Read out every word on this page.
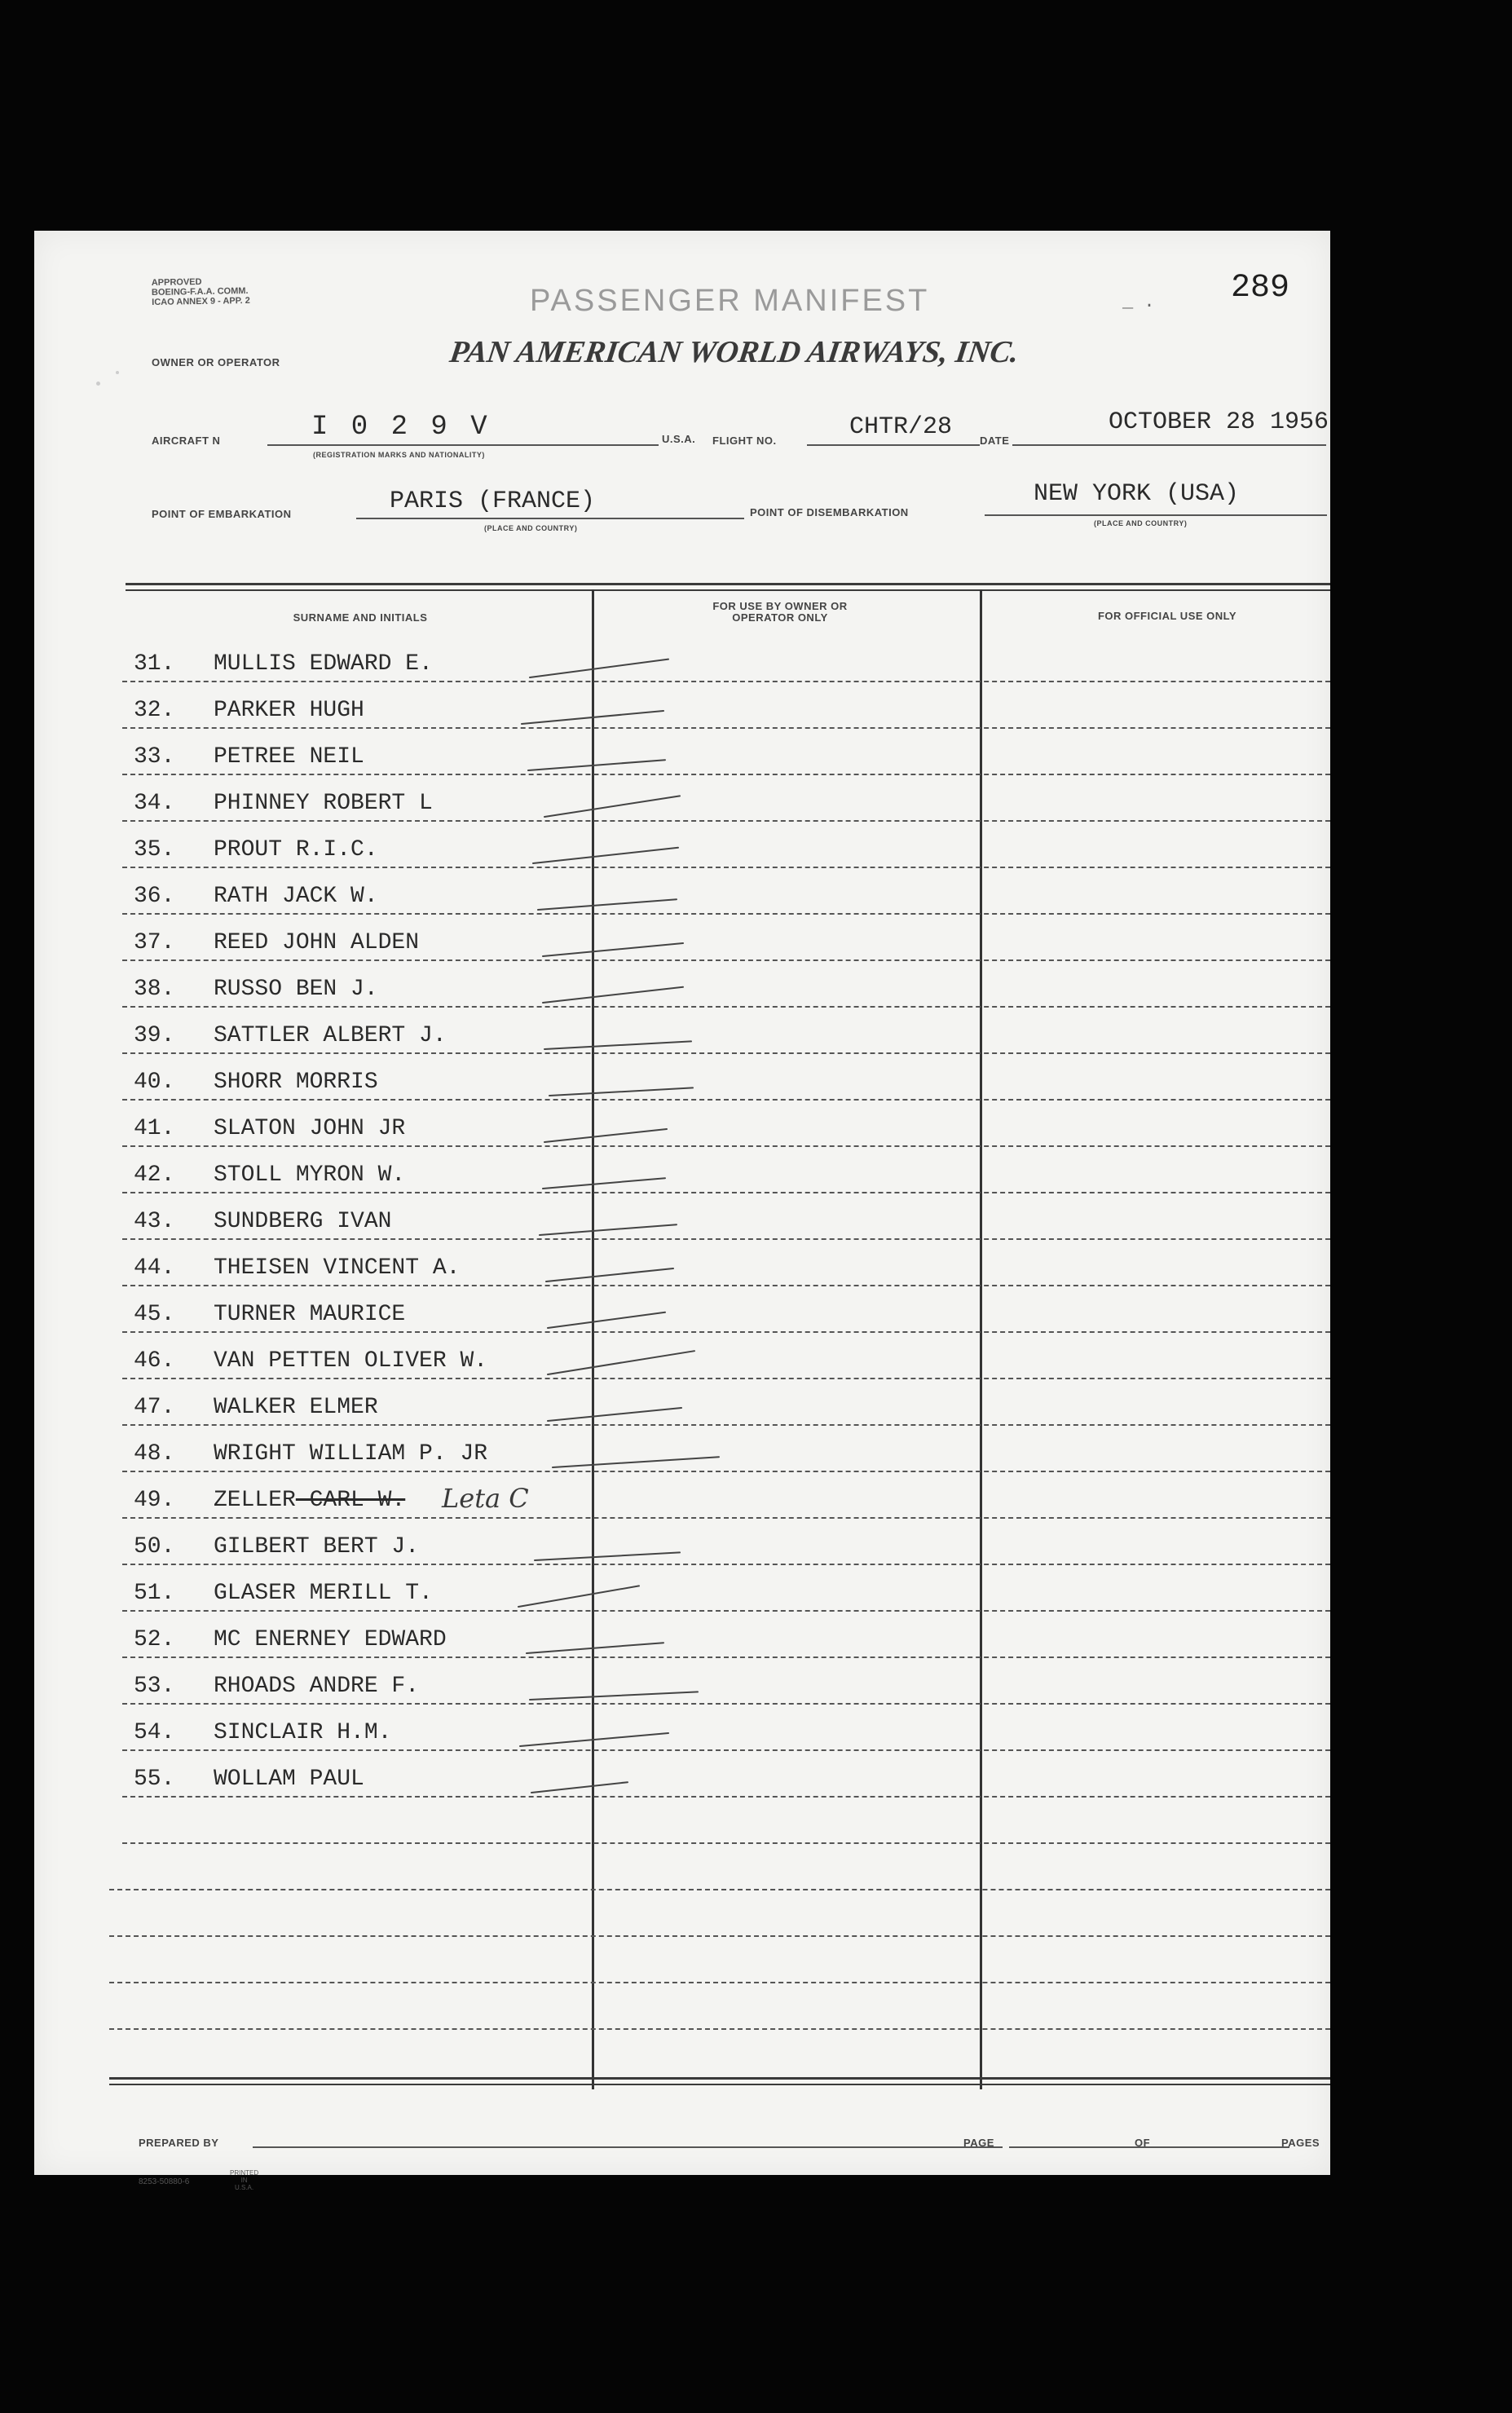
APPROVED
BOEING-F.A.A. COMM.
ICAO ANNEX 9 - APP. 2	PASSENGER MANIFEST	_ . 289
OWNER OR OPERATOR	PAN AMERICAN WORLD AIRWAYS, INC.
AIRCRAFT N	I 0 2 9 V
(REGISTRATION MARKS AND NATIONALITY)
U.S.A. FLIGHT NO.	CHTR/28	DATE
OCTOBER 28 1956
POINT OF EMBARKATION	PARIS (FRANCE)
(PLACE AND COUNTRY)
POINT OF DISEMBARKATION
NEW YORK (USA)
(PLACE AND COUNTRY)
SURNAME AND INITIALS
FOR USE BY OWNER OR OPERATOR ONLY	FOR OFFICIAL USE ONLY
31. MULLIS EDWARD E.
32. PARKER HUGH
33. PETREE NEIL
34. PHINNEY ROBERT L
35. PROUT R.I.C.
36. RATH JACK W.
37. REED JOHN ALDEN
38. RUSSO BEN J.
39. SATTLER ALBERT J.
40. SHORR MORRIS
41. SLATON JOHN JR
42. STOLL MYRON W.
43. SUNDBERG IVAN
44. THEISEN VINCENT A.
45. TURNER MAURICE
46. VAN PETTEN OLIVER W.
47. WALKER ELMER
48. WRIGHT WILLIAM P. JR
49. ZELLER CARL W. Leta C
50. GILBERT BERT J.
51. GLASER MERILL T.
52. MC ENERNEY EDWARD
53. RHOADS ANDRE F.
54. SINCLAIR H.M.
55. WOLLAM PAUL
PREPARED BY	PAGE	OF	PAGES
8253-50880-6
PRINTED
IN
U.S.A.
